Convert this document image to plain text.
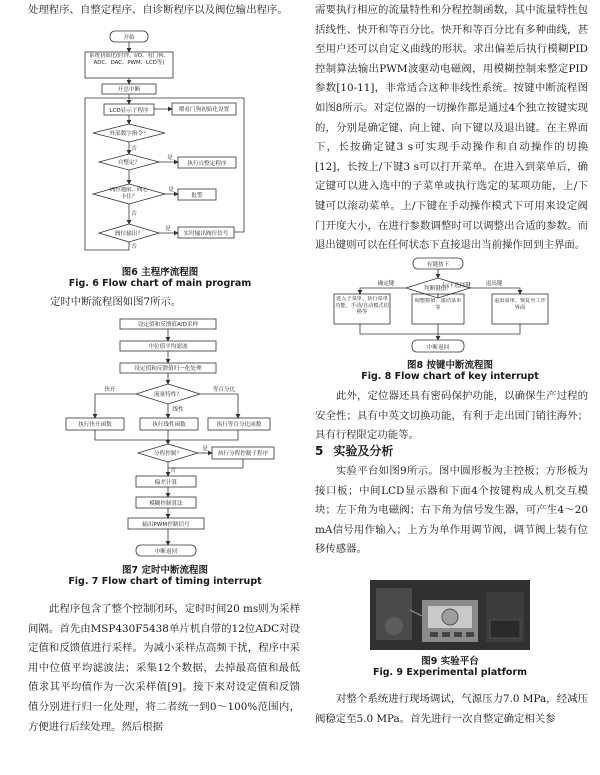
处理程序、自整定程序、自诊断程序以及阀位输出程序。

开始
系统初始化(时钟、I/O、看门狗、ADC、DAC、PWM、LCD等)
开总中断
LCD显示子程序	喂看门狗初始化设置
外部数字指令？
自整定？	执行自整定程序
阀位越限、阀芯卡住？	报警
阀位输出？	实时输出阀位信号
是
否
是
否
是
否
设定值和反馈值A/D采样
中位值平均滤波
设定值和反馈值归一化处理
流量特性？
快开
线性
等百分比
执行快开函数	执行线性函数	执行等百分比函数
分程控制？	执行分程控制子程序
是
否
偏差计算
模糊控制算法
输出PWM控制信号
中断返回
有键按下
判断键值？
确定键	退出键
进入子菜单、执行菜单功能、手动/自动模式切换等
调整数值、滚动菜单等
退出菜单、恢复至工作界面
中断返回
上/下选择键
图6 主程序流程图
Fig. 6 Flow chart of main program

定时中断流程图如图7所示。

图7 定时中断流程图
Fig. 7 Flow chart of timing interrupt

此程序包含了整个控制闭环，定时时间20 ms则为采样间隔。首先由MSP430F5438单片机自带的12位ADC对设定值和反馈值进行采样。为减小采样点高频干扰，程序中采用中位值平均滤波法；采集12个数据，去掉最高值和最低值求其平均值作为一次采样值[9]。接下来对设定值和反馈值分别进行归一化处理，将二者统一到0～100%范围内，方便进行后续处理。然后根据

需要执行相应的流量特性和分程控制函数，其中流量特性包括线性、快开和等百分比。快开和等百分比有多种曲线，甚至用户还可以自定义曲线的形状。求出偏差后执行模糊PID控制算法输出PWM波驱动电磁阀，用模糊控制来整定PID参数[10-11]，非常适合这种非线性系统。按键中断流程图如图8所示。对定位器的一切操作都是通过4个独立按键实现的，分别是确定键、向上键、向下键以及退出键。在主界面下，长按确定键3 s可实现手动操作和自动操作的切换[12]，长按上/下键3 s可以打开菜单。在进入到菜单后，确定键可以进入选中的子菜单或执行选定的某项功能，上/下键可以滚动菜单。上/下键在手动操作模式下可用来设定阀门开度大小，在进行参数调整时可以调整出合适的参数。而退出键则可以在任何状态下直接退出当前操作回到主界面。

图8 按键中断流程图
Fig. 8 Flow chart of key interrupt

此外，定位器还具有密码保护功能，以确保生产过程的安全性；具有中英文切换功能，有利于走出国门销往海外；具有行程限定功能等。

5 实验及分析

实验平台如图9所示。图中圆形板为主控板；方形板为接口板；中间LCD显示器和下面4个按键构成人机交互模块；左下角为电磁阀；右下角为信号发生器，可产生4～20 mA信号用作输入；上方为单作用调节阀，调节阀上装有位移传感器。

图9 实验平台
Fig. 9 Experimental platform

对整个系统进行现场调试，气源压力7.0 MPa，经减压阀稳定至5.0 MPa。首先进行一次自整定确定相关参
